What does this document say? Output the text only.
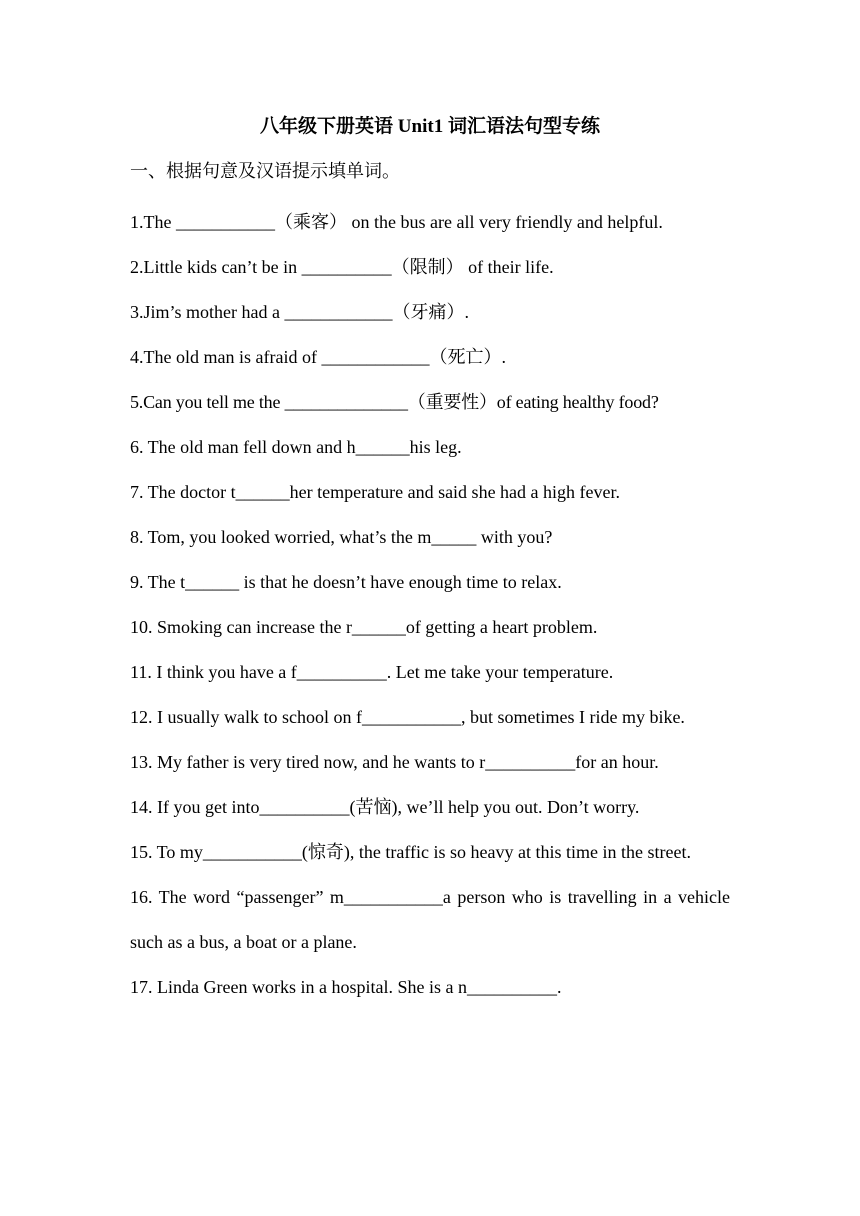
八年级下册英语 Unit1 词汇语法句型专练

一、根据句意及汉语提示填单词。

1.The ___________（乘客） on the bus are all very friendly and helpful.
2.Little kids can’t be in __________（限制） of their life.
3.Jim’s mother had a ____________（牙痛）.
4.The old man is afraid of ____________（死亡）.
5.Can you tell me the ______________（重要性）of eating healthy food?
6. The old man fell down and h______his leg.
7. The doctor t______her temperature and said she had a high fever.
8. Tom, you looked worried, what’s the m_____ with you?
9. The t______ is that he doesn’t have enough time to relax.
10. Smoking can increase the r______of getting a heart problem.
11. I think you have a f__________. Let me take your temperature.
12. I usually walk to school on f___________, but sometimes I ride my bike.
13. My father is very tired now, and he wants to r__________for an hour.
14. If you get into__________(苦恼), we’ll help you out. Don’t worry.
15. To my___________(惊奇), the traffic is so heavy at this time in the street.
16. The word “passenger” m___________a person who is travelling in a vehicle such as a bus, a boat or a plane.
17. Linda Green works in a hospital. She is a n__________.
